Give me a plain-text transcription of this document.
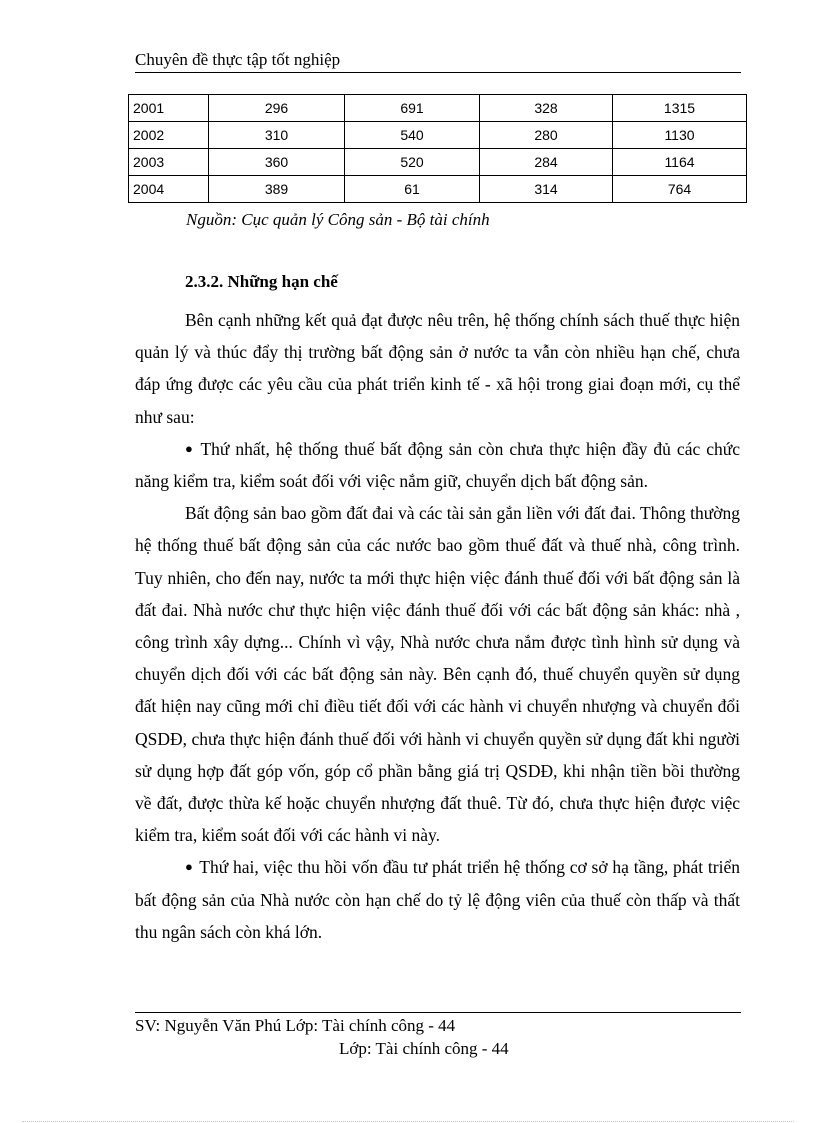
Chuyên đề thực tập tốt nghiệp
2001	296	691	328	1315
2002	310	540	280	1130
2003	360	520	284	1164
2004	389	61	314	764
Nguồn: Cục quản lý Công sản - Bộ tài chính
2.3.2. Những hạn chế

Bên cạnh những kết quả đạt được nêu trên, hệ thống chính sách thuế thực hiện quản lý và thúc đẩy thị trường bất động sản ở nước ta vẫn còn nhiều hạn chế, chưa đáp ứng được các yêu cầu của phát triển kinh tế - xã hội trong giai đoạn mới, cụ thể như sau:

● Thứ nhất, hệ thống thuế bất động sản còn chưa thực hiện đầy đủ các chức năng kiểm tra, kiểm soát đối với việc nắm giữ, chuyển dịch bất động sản.

Bất động sản bao gồm đất đai và các tài sản gắn liền với đất đai. Thông thường hệ thống thuế bất động sản của các nước bao gồm thuế đất và thuế nhà, công trình. Tuy nhiên, cho đến nay, nước ta mới thực hiện việc đánh thuế đối với bất động sản là đất đai. Nhà nước chư thực hiện việc đánh thuế đối với các bất động sản khác: nhà , công trình xây dựng... Chính vì vậy, Nhà nước chưa nắm được tình hình sử dụng và chuyển dịch đối với các bất động sản này. Bên cạnh đó, thuế chuyển quyền sử dụng đất hiện nay cũng mới chỉ điều tiết đối với các hành vi chuyển nhượng và chuyển đổi QSDĐ, chưa thực hiện đánh thuế đối với hành vi chuyển quyền sử dụng đất khi người sử dụng hợp đất góp vốn, góp cổ phần bằng giá trị QSDĐ, khi nhận tiền bồi thường về đất, được thừa kế hoặc chuyển nhượng đất thuê. Từ đó, chưa thực hiện được việc kiểm tra, kiểm soát đối với các hành vi này.

● Thứ hai, việc thu hồi vốn đầu tư phát triển hệ thống cơ sở hạ tầng, phát triển bất động sản của Nhà nước còn hạn chế do tỷ lệ động viên của thuế còn thấp và thất thu ngân sách còn khá lớn.

SV: Nguyễn Văn Phú Lớp: Tài chính công - 44
Lớp: Tài chính công - 44
